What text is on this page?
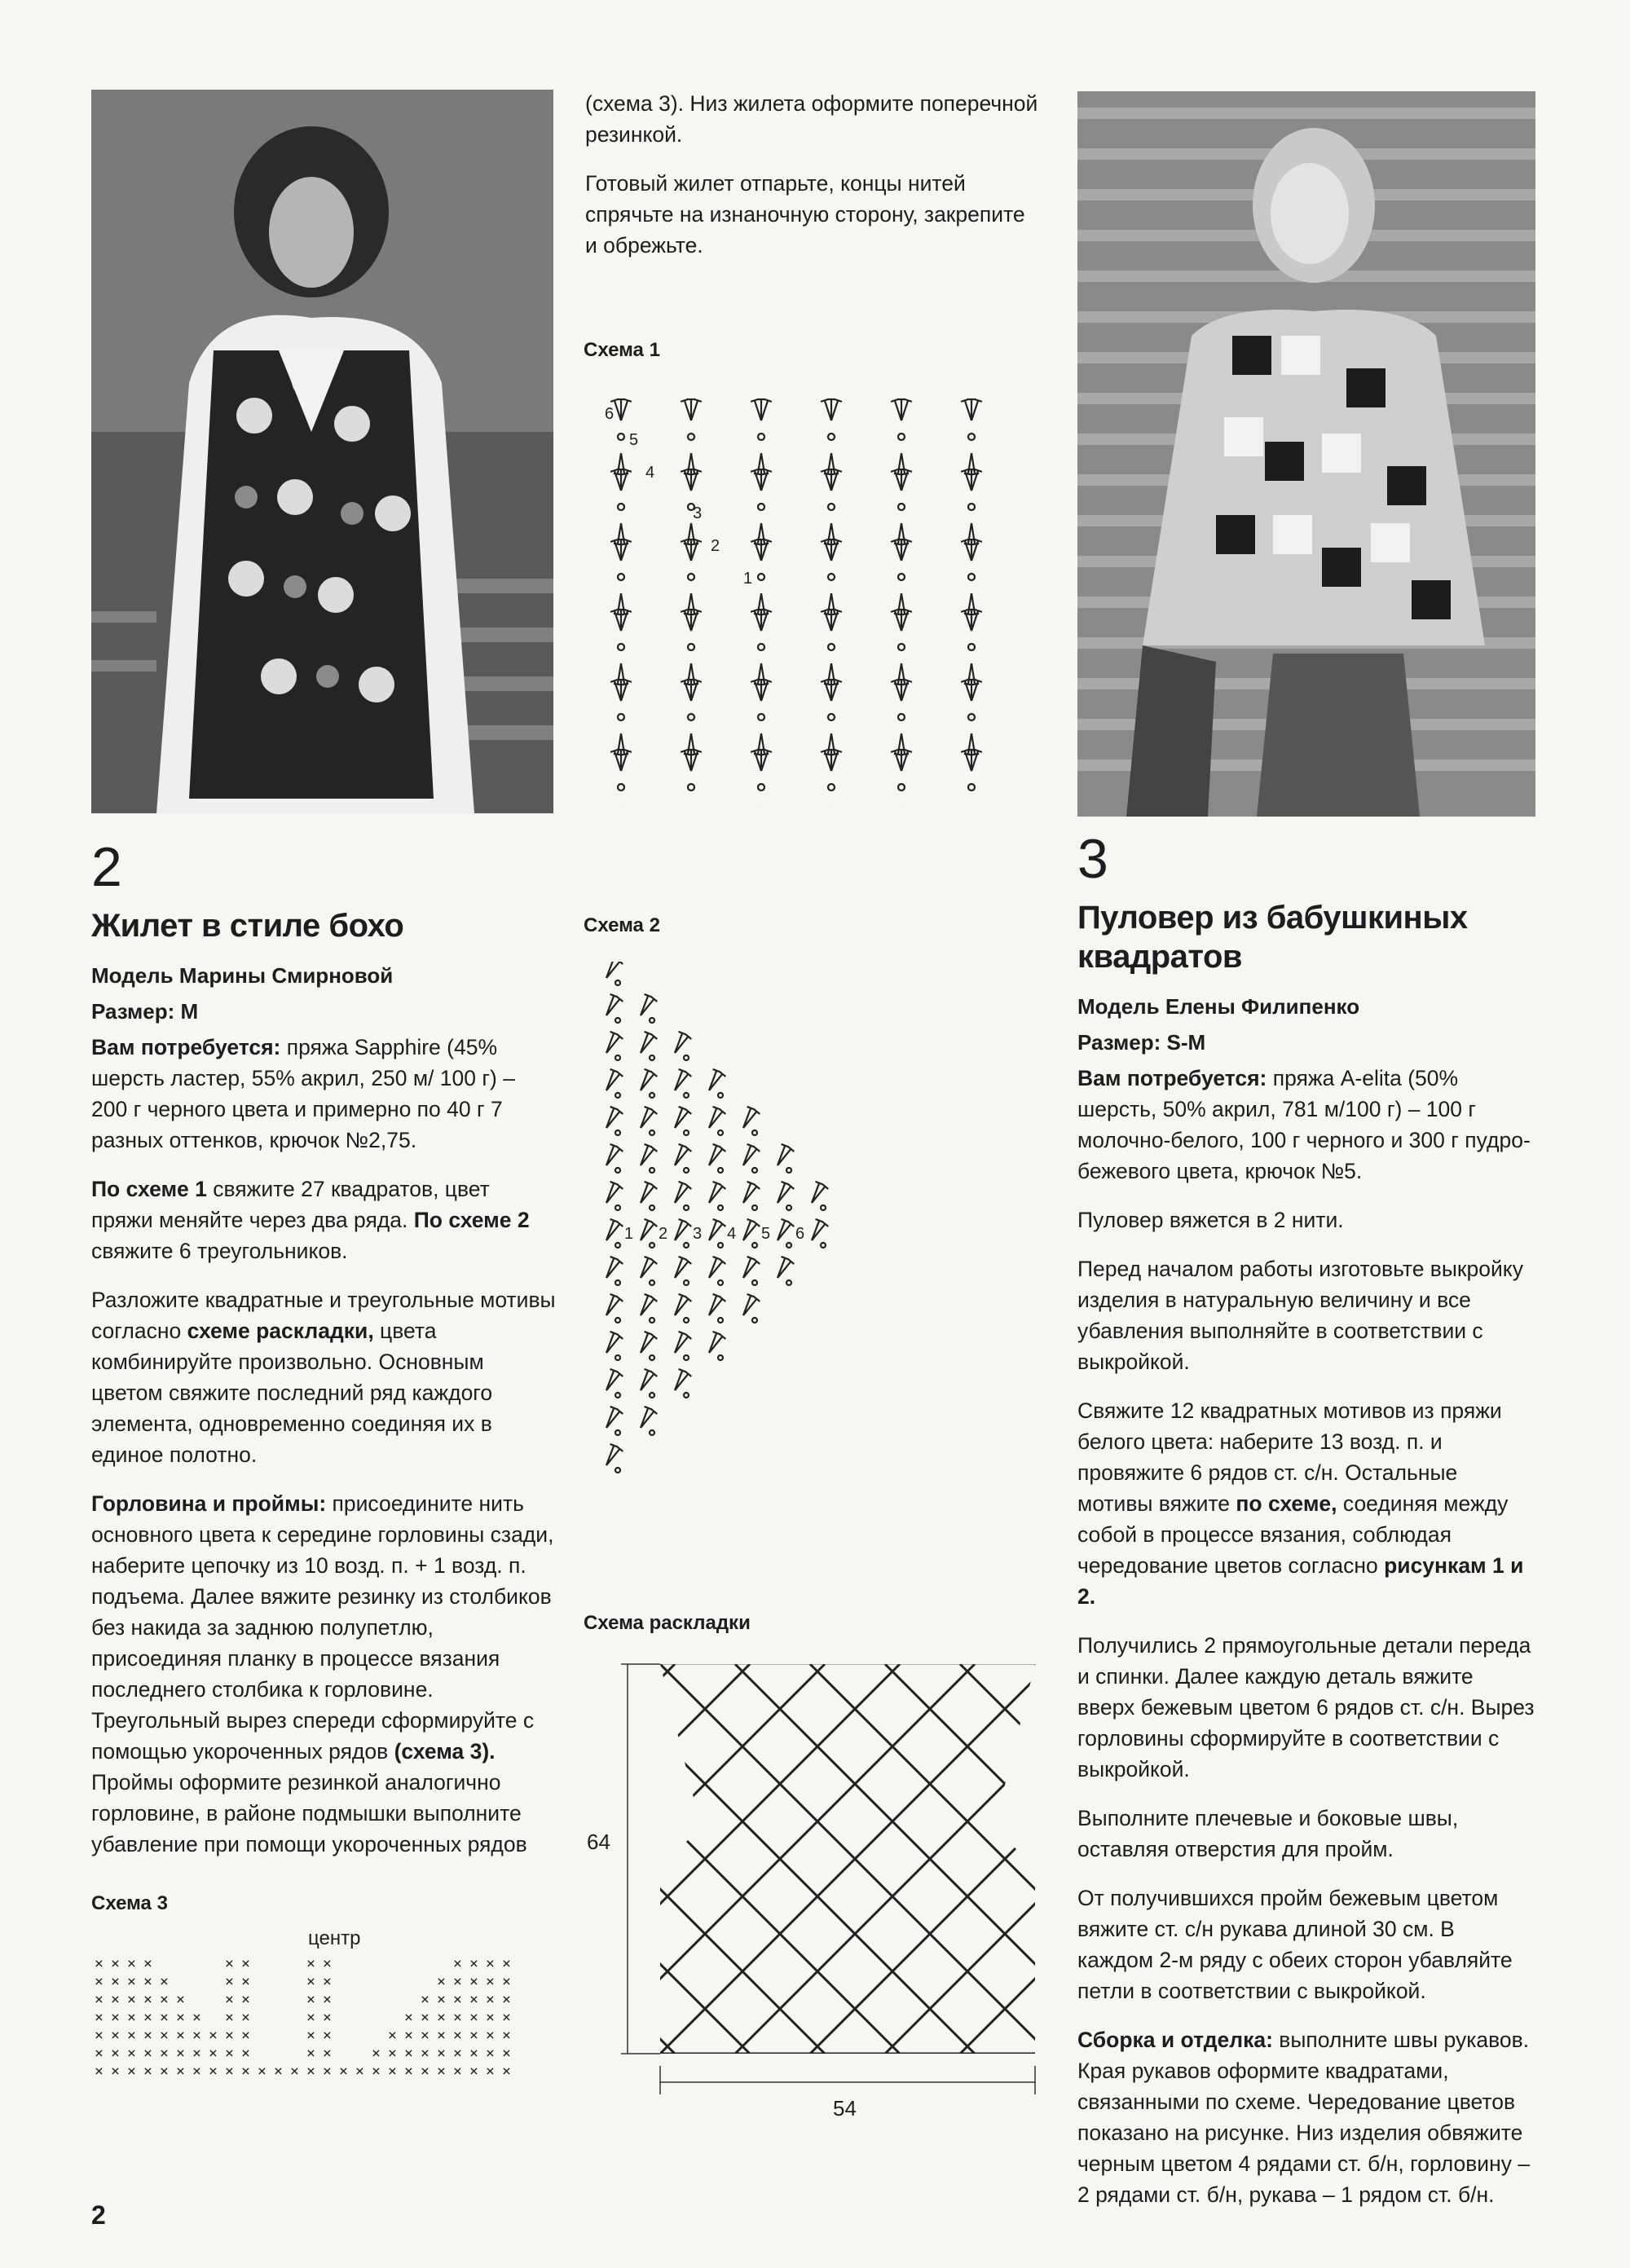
2
Жилет в стиле бохо
Модель Марины Смирновой
Размер: М

Вам потребуется: пряжа Sapphire (45% шерсть ластер, 55% акрил, 250 м/ 100 г) – 200 г черного цвета и примерно по 40 г 7 разных оттенков, крючок №2,75.

По схеме 1 свяжите 27 квадратов, цвет пряжи меняйте через два ряда. По схеме 2 свяжите 6 треугольников.

Разложите квадратные и треугольные мотивы согласно схеме раскладки, цвета комбинируйте произвольно. Основным цветом свяжите последний ряд каждого элемента, одновременно соединяя их в единое полотно.

Горловина и проймы: присоедините нить основного цвета к середине горловины сзади, наберите цепочку из 10 возд. п. + 1 возд. п. подъема. Далее вяжите резинку из столбиков без накида за заднюю полупетлю, присоединяя планку в процессе вязания последнего столбика к горловине. Треугольный вырез спереди сформируйте с помощью укороченных рядов (схема 3). Проймы оформите резинкой аналогично горловине, в районе подмышки выполните убавление при помощи укороченных рядов

Схема 3
центр
× × × ×	× ×	× ×	× × × ×
× × × × ×	× ×	× ×	× × × × ×
× × × × × ×	× ×	× ×	× × × × × ×
× × × × × × × × ×	× ×	× × × × × × ×
× × × × × × × × × ×	× ×	× × × × × × × ×
× × × × × × × × × ×	× ×	× × × × × × × × ×
× × × × × × × × × × × × × × × × × × × × × × × × × ×

(схема 3). Низ жилета оформите поперечной резинкой.

Готовый жилет отпарьте, концы нитей спрячьте на изнаночную сторону, закрепите и обрежьте.

Схема 1
6
5
4
3
2
1
Схема 2
1 2 3 4 5 6
Схема раскладки
64
54
3
Пуловер из бабушкиных квадратов
Модель Елены Филипенко
Размер: S-M

Вам потребуется: пряжа A-elita (50% шерсть, 50% акрил, 781 м/100 г) – 100 г молочно-белого, 100 г черного и 300 г пудро-бежевого цвета, крючок №5.

Пуловер вяжется в 2 нити.

Перед началом работы изготовьте выкройку изделия в натуральную величину и все убавления выполняйте в соответствии с выкройкой.

Свяжите 12 квадратных мотивов из пряжи белого цвета: наберите 13 возд. п. и провяжите 6 рядов ст. с/н. Остальные мотивы вяжите по схеме, соединяя между собой в процессе вязания, соблюдая чередование цветов согласно рисункам 1 и 2.

Получились 2 прямоугольные детали переда и спинки. Далее каждую деталь вяжите вверх бежевым цветом 6 рядов ст. с/н. Вырез горловины сформируйте в соответствии с выкройкой.

Выполните плечевые и боковые швы, оставляя отверстия для пройм.

От получившихся пройм бежевым цветом вяжите ст. с/н рукава длиной 30 см. В каждом 2-м ряду с обеих сторон убавляйте петли в соответствии с выкройкой.

Сборка и отделка: выполните швы рукавов. Края рукавов оформите квадратами, связанными по схеме. Чередование цветов показано на рисунке. Низ изделия обвяжите черным цветом 4 рядами ст. б/н, горловину – 2 рядами ст. б/н, рукава – 1 рядом ст. б/н.

2
